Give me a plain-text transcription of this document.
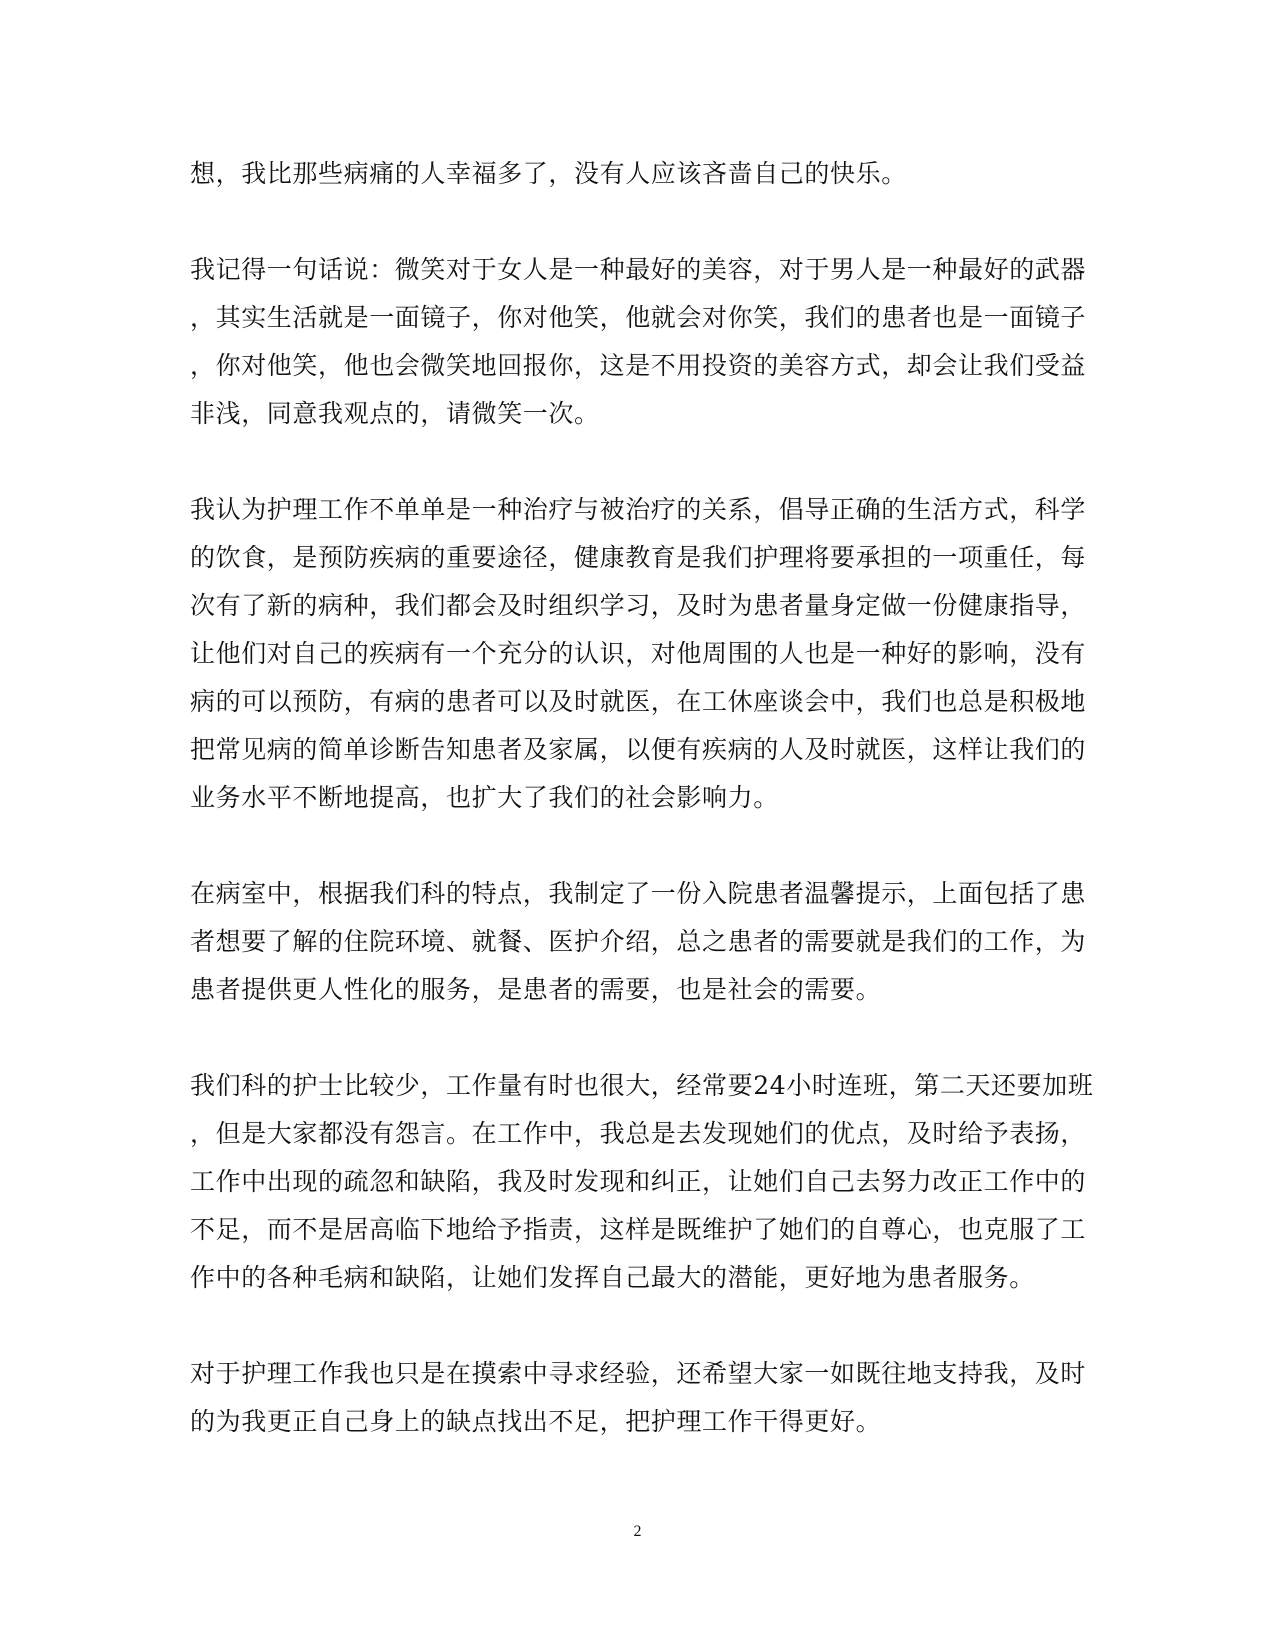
想，我比那些病痛的人幸福多了，没有人应该吝啬自己的快乐。

我记得一句话说：微笑对于女人是一种最好的美容，对于男人是一种最好的武器
，其实生活就是一面镜子，你对他笑，他就会对你笑，我们的患者也是一面镜子
，你对他笑，他也会微笑地回报你，这是不用投资的美容方式，却会让我们受益
非浅，同意我观点的，请微笑一次。

我认为护理工作不单单是一种治疗与被治疗的关系，倡导正确的生活方式，科学
的饮食，是预防疾病的重要途径，健康教育是我们护理将要承担的一项重任，每
次有了新的病种，我们都会及时组织学习，及时为患者量身定做一份健康指导，
让他们对自己的疾病有一个充分的认识，对他周围的人也是一种好的影响，没有
病的可以预防，有病的患者可以及时就医，在工休座谈会中，我们也总是积极地
把常见病的简单诊断告知患者及家属，以便有疾病的人及时就医，这样让我们的
业务水平不断地提高，也扩大了我们的社会影响力。

在病室中，根据我们科的特点，我制定了一份入院患者温馨提示，上面包括了患
者想要了解的住院环境、就餐、医护介绍，总之患者的需要就是我们的工作，为
患者提供更人性化的服务，是患者的需要，也是社会的需要。

我们科的护士比较少，工作量有时也很大，经常要24小时连班，第二天还要加班
，但是大家都没有怨言。在工作中，我总是去发现她们的优点，及时给予表扬，
工作中出现的疏忽和缺陷，我及时发现和纠正，让她们自己去努力改正工作中的
不足，而不是居高临下地给予指责，这样是既维护了她们的自尊心，也克服了工
作中的各种毛病和缺陷，让她们发挥自己最大的潜能，更好地为患者服务。

对于护理工作我也只是在摸索中寻求经验，还希望大家一如既往地支持我，及时
的为我更正自己身上的缺点找出不足，把护理工作干得更好。

2
